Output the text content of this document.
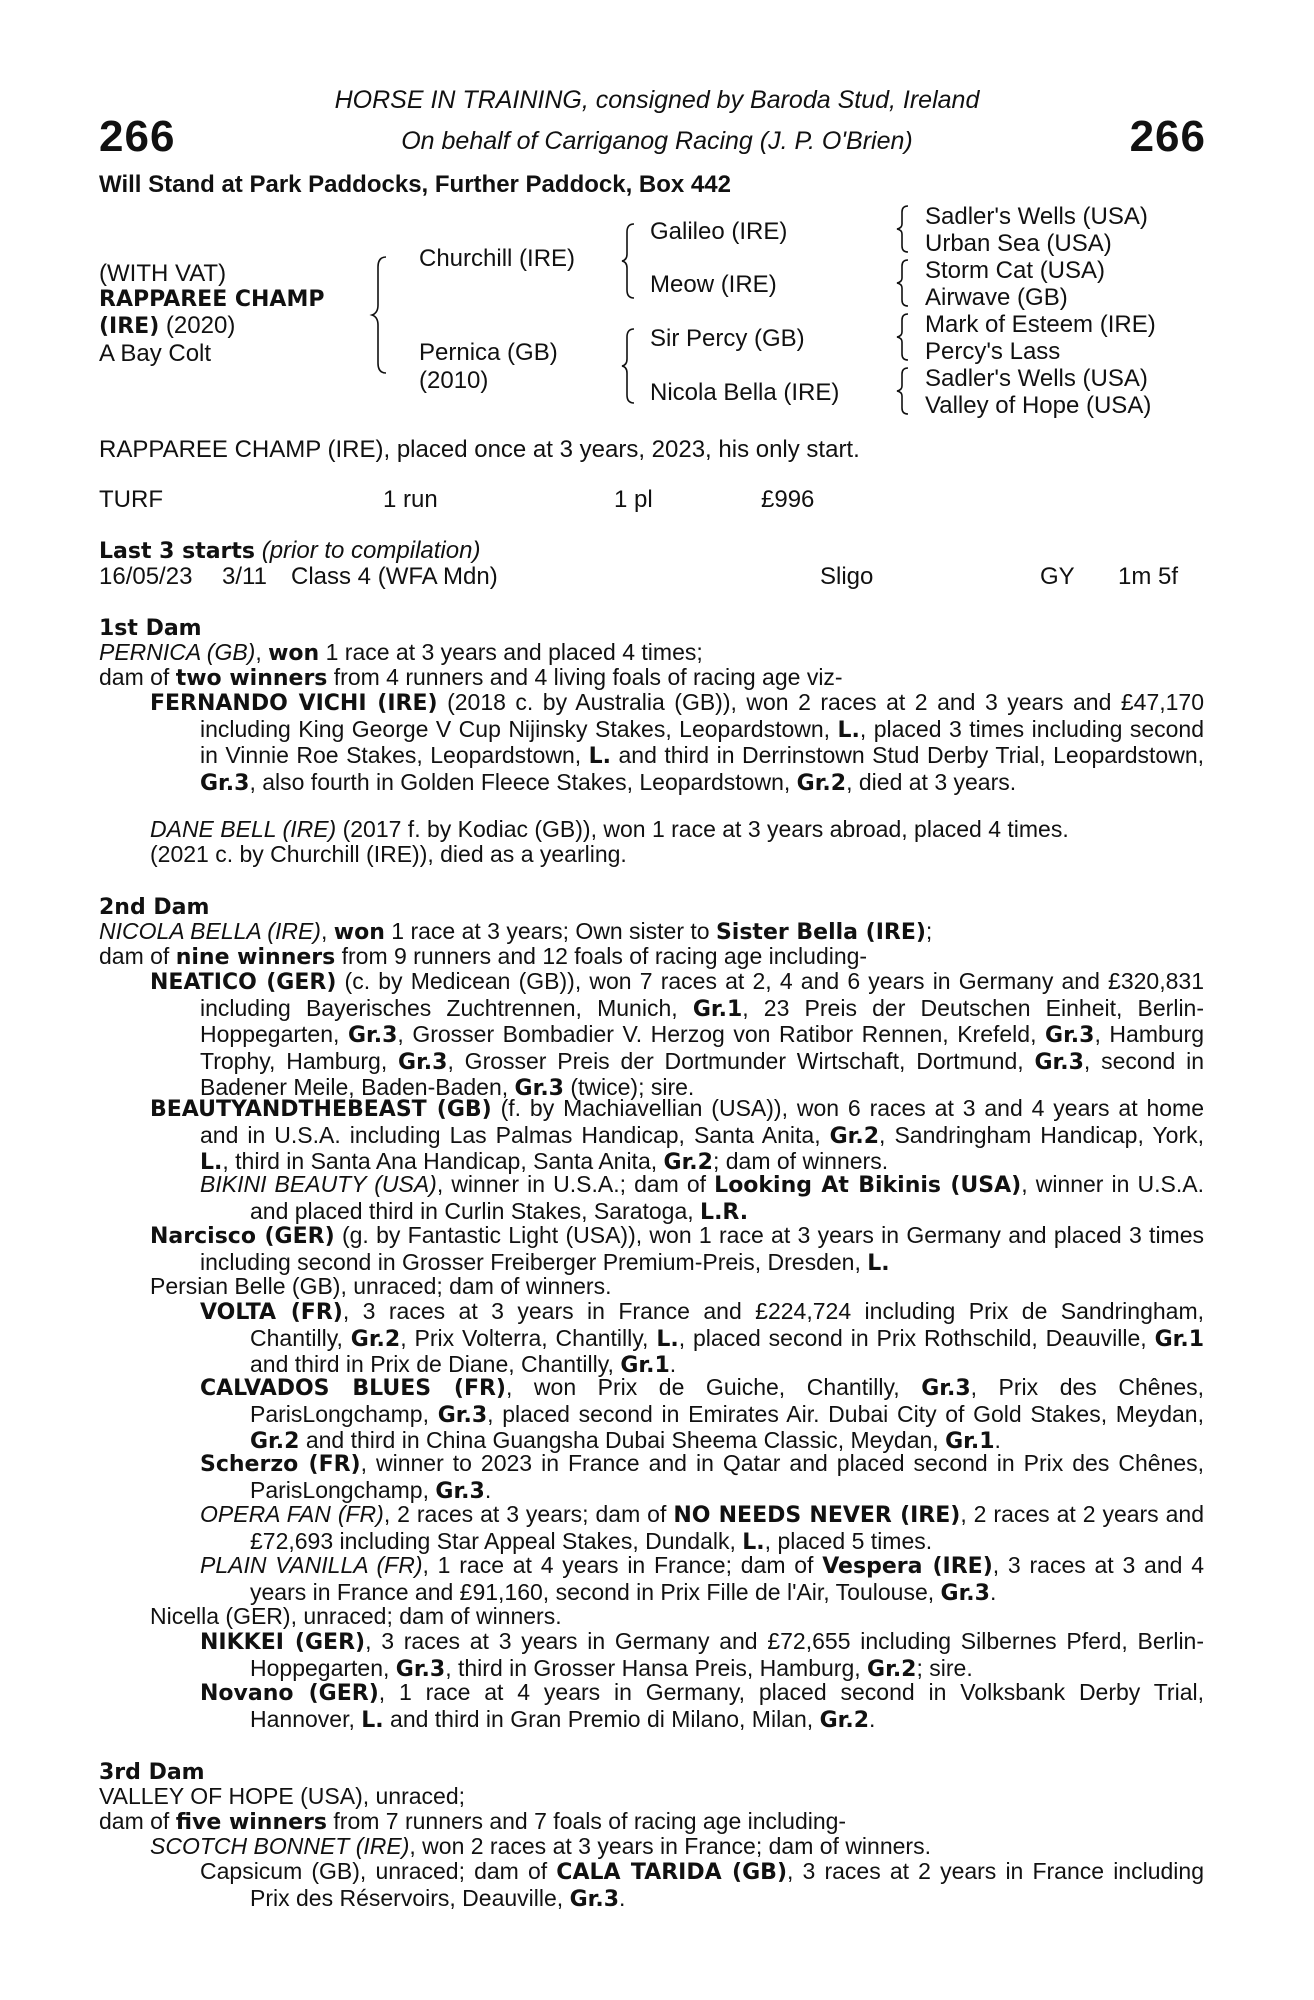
266	266
HORSE IN TRAINING, consigned by Baroda Stud, Ireland
On behalf of Carriganog Racing (J. P. O'Brien)
Will Stand at Park Paddocks, Further Paddock, Box 442
(WITH VAT)
RAPPAREE CHAMP
(IRE) (2020)
A Bay Colt
Churchill (IRE)
Pernica (GB)
(2010)
Galileo (IRE)
Meow (IRE)
Sir Percy (GB)
Nicola Bella (IRE)
Sadler's Wells (USA)
Urban Sea (USA)
Storm Cat (USA)
Airwave (GB)
Mark of Esteem (IRE)
Percy's Lass
Sadler's Wells (USA)
Valley of Hope (USA)
RAPPAREE CHAMP (IRE), placed once at 3 years, 2023, his only start.
TURF	1 run	1 pl	£996
Last 3 starts (prior to compilation)
16/05/23 3/11 Class 4 (WFA Mdn)	Sligo	GY 1m 5f
1st Dam
PERNICA (GB), won 1 race at 3 years and placed 4 times;
dam of two winners from 4 runners and 4 living foals of racing age viz-

FERNANDO VICHI (IRE) (2018 c. by Australia (GB)), won 2 races at 2 and 3 years and £47,170 including King George V Cup Nijinsky Stakes, Leopardstown, L., placed 3 times including second in Vinnie Roe Stakes, Leopardstown, L. and third in Derrinstown Stud Derby Trial, Leopardstown, Gr.3, also fourth in Golden Fleece Stakes, Leopardstown, Gr.2, died at 3 years.

DANE BELL (IRE) (2017 f. by Kodiac (GB)), won 1 race at 3 years abroad, placed 4 times.
(2021 c. by Churchill (IRE)), died as a yearling.
2nd Dam
NICOLA BELLA (IRE), won 1 race at 3 years; Own sister to Sister Bella (IRE);
dam of nine winners from 9 runners and 12 foals of racing age including-

NEATICO (GER) (c. by Medicean (GB)), won 7 races at 2, 4 and 6 years in Germany and £320,831 including Bayerisches Zuchtrennen, Munich, Gr.1, 23 Preis der Deutschen Einheit, Berlin-Hoppegarten, Gr.3, Grosser Bombadier V. Herzog von Ratibor Rennen, Krefeld, Gr.3, Hamburg Trophy, Hamburg, Gr.3, Grosser Preis der Dortmunder Wirtschaft, Dortmund, Gr.3, second in Badener Meile, Baden-Baden, Gr.3 (twice); sire.

BEAUTYANDTHEBEAST (GB) (f. by Machiavellian (USA)), won 6 races at 3 and 4 years at home and in U.S.A. including Las Palmas Handicap, Santa Anita, Gr.2, Sandringham Handicap, York, L., third in Santa Ana Handicap, Santa Anita, Gr.2; dam of winners.

BIKINI BEAUTY (USA), winner in U.S.A.; dam of Looking At Bikinis (USA), winner in U.S.A. and placed third in Curlin Stakes, Saratoga, L.R.

Narcisco (GER) (g. by Fantastic Light (USA)), won 1 race at 3 years in Germany and placed 3 times including second in Grosser Freiberger Premium-Preis, Dresden, L.

Persian Belle (GB), unraced; dam of winners.

VOLTA (FR), 3 races at 3 years in France and £224,724 including Prix de Sandringham, Chantilly, Gr.2, Prix Volterra, Chantilly, L., placed second in Prix Rothschild, Deauville, Gr.1 and third in Prix de Diane, Chantilly, Gr.1.

CALVADOS BLUES (FR), won Prix de Guiche, Chantilly, Gr.3, Prix des Chênes, ParisLongchamp, Gr.3, placed second in Emirates Air. Dubai City of Gold Stakes, Meydan, Gr.2 and third in China Guangsha Dubai Sheema Classic, Meydan, Gr.1.

Scherzo (FR), winner to 2023 in France and in Qatar and placed second in Prix des Chênes, ParisLongchamp, Gr.3.

OPERA FAN (FR), 2 races at 3 years; dam of NO NEEDS NEVER (IRE), 2 races at 2 years and £72,693 including Star Appeal Stakes, Dundalk, L., placed 5 times.

PLAIN VANILLA (FR), 1 race at 4 years in France; dam of Vespera (IRE), 3 races at 3 and 4 years in France and £91,160, second in Prix Fille de l'Air, Toulouse, Gr.3.

Nicella (GER), unraced; dam of winners.

NIKKEI (GER), 3 races at 3 years in Germany and £72,655 including Silbernes Pferd, Berlin-Hoppegarten, Gr.3, third in Grosser Hansa Preis, Hamburg, Gr.2; sire.

Novano (GER), 1 race at 4 years in Germany, placed second in Volksbank Derby Trial, Hannover, L. and third in Gran Premio di Milano, Milan, Gr.2.

3rd Dam
VALLEY OF HOPE (USA), unraced;
dam of five winners from 7 runners and 7 foals of racing age including-
SCOTCH BONNET (IRE), won 2 races at 3 years in France; dam of winners.

Capsicum (GB), unraced; dam of CALA TARIDA (GB), 3 races at 2 years in France including Prix des Réservoirs, Deauville, Gr.3.
